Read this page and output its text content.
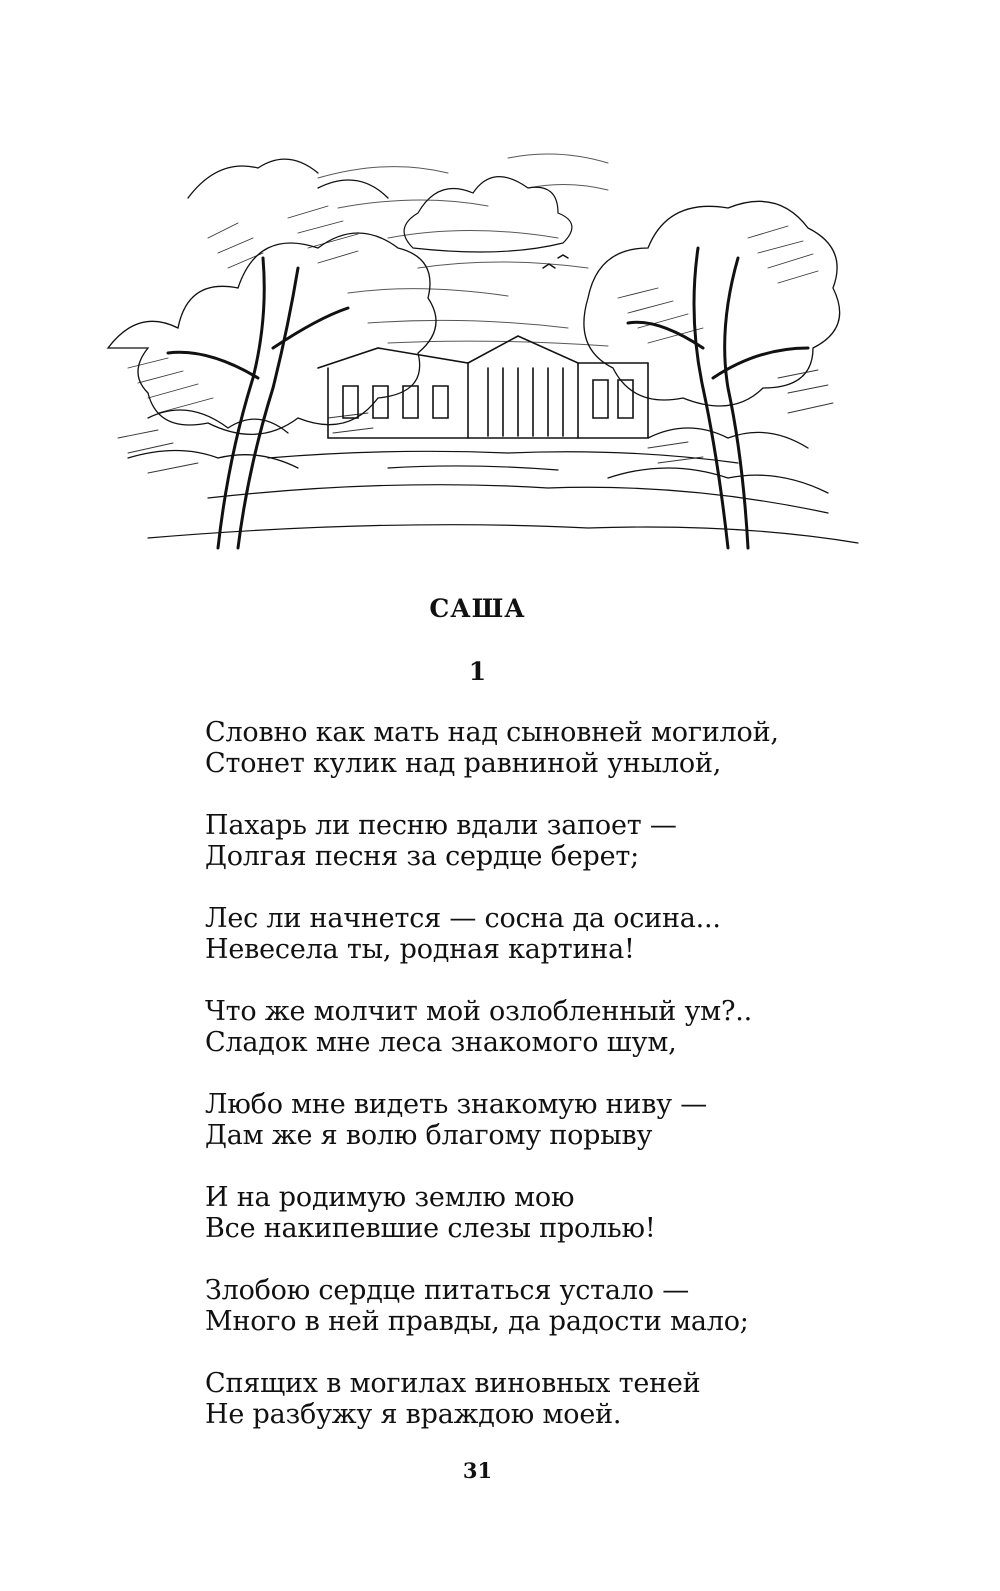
САША
1
Словно как мать над сыновней могилой,
Стонет кулик над равниной унылой,
Пахарь ли песню вдали запоет —
Долгая песня за сердце берет;
Лес ли начнется — сосна да осина...
Невесела ты, родная картина!
Что же молчит мой озлобленный ум?..
Сладок мне леса знакомого шум,
Любо мне видеть знакомую ниву —
Дам же я волю благому порыву
И на родимую землю мою
Все накипевшие слезы пролью!
Злобою сердце питаться устало —
Много в ней правды, да радости мало;
Спящих в могилах виновных теней
Не разбужу я враждою моей.
31
